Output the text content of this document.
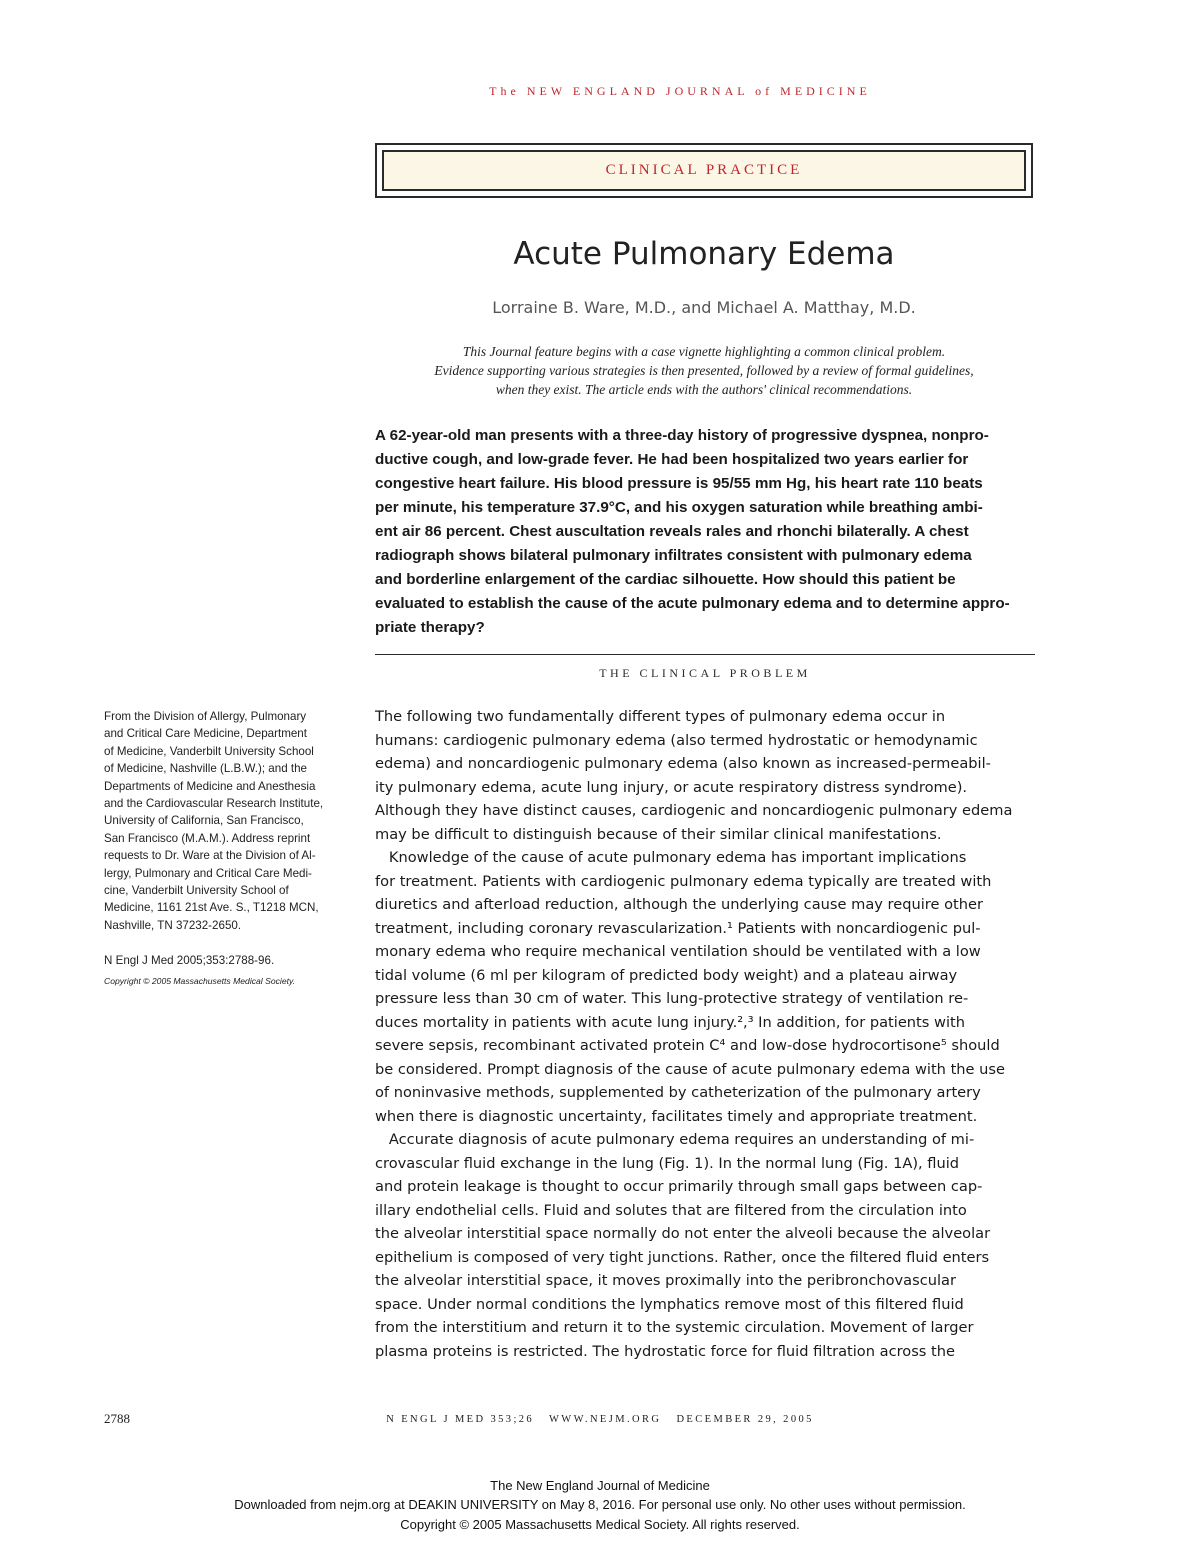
The NEW ENGLAND JOURNAL of MEDICINE
CLINICAL PRACTICE
Acute Pulmonary Edema
Lorraine B. Ware, M.D., and Michael A. Matthay, M.D.
This Journal feature begins with a case vignette highlighting a common clinical problem.
Evidence supporting various strategies is then presented, followed by a review of formal guidelines,
when they exist. The article ends with the authors' clinical recommendations.
A 62-year-old man presents with a three-day history of progressive dyspnea, nonpro-
ductive cough, and low-grade fever. He had been hospitalized two years earlier for
congestive heart failure. His blood pressure is 95/55 mm Hg, his heart rate 110 beats
per minute, his temperature 37.9°C, and his oxygen saturation while breathing ambi-
ent air 86 percent. Chest auscultation reveals rales and rhonchi bilaterally. A chest
radiograph shows bilateral pulmonary infiltrates consistent with pulmonary edema
and borderline enlargement of the cardiac silhouette. How should this patient be
evaluated to establish the cause of the acute pulmonary edema and to determine appro-
priate therapy?
THE CLINICAL PROBLEM
From the Division of Allergy, Pulmonary
and Critical Care Medicine, Department
of Medicine, Vanderbilt University School
of Medicine, Nashville (L.B.W.); and the
Departments of Medicine and Anesthesia
and the Cardiovascular Research Institute,
University of California, San Francisco,
San Francisco (M.A.M.). Address reprint
requests to Dr. Ware at the Division of Al-
lergy, Pulmonary and Critical Care Medi-
cine, Vanderbilt University School of
Medicine, 1161 21st Ave. S., T1218 MCN,
Nashville, TN 37232-2650.
N Engl J Med 2005;353:2788-96.
Copyright © 2005 Massachusetts Medical Society.
The following two fundamentally different types of pulmonary edema occur in
humans: cardiogenic pulmonary edema (also termed hydrostatic or hemodynamic
edema) and noncardiogenic pulmonary edema (also known as increased-permeabil-
ity pulmonary edema, acute lung injury, or acute respiratory distress syndrome).
Although they have distinct causes, cardiogenic and noncardiogenic pulmonary edema
may be difficult to distinguish because of their similar clinical manifestations.
Knowledge of the cause of acute pulmonary edema has important implications
for treatment. Patients with cardiogenic pulmonary edema typically are treated with
diuretics and afterload reduction, although the underlying cause may require other
treatment, including coronary revascularization.¹ Patients with noncardiogenic pul-
monary edema who require mechanical ventilation should be ventilated with a low
tidal volume (6 ml per kilogram of predicted body weight) and a plateau airway
pressure less than 30 cm of water. This lung-protective strategy of ventilation re-
duces mortality in patients with acute lung injury.²,³ In addition, for patients with
severe sepsis, recombinant activated protein C⁴ and low-dose hydrocortisone⁵ should
be considered. Prompt diagnosis of the cause of acute pulmonary edema with the use
of noninvasive methods, supplemented by catheterization of the pulmonary artery
when there is diagnostic uncertainty, facilitates timely and appropriate treatment.
Accurate diagnosis of acute pulmonary edema requires an understanding of mi-
crovascular fluid exchange in the lung (Fig. 1). In the normal lung (Fig. 1A), fluid
and protein leakage is thought to occur primarily through small gaps between cap-
illary endothelial cells. Fluid and solutes that are filtered from the circulation into
the alveolar interstitial space normally do not enter the alveoli because the alveolar
epithelium is composed of very tight junctions. Rather, once the filtered fluid enters
the alveolar interstitial space, it moves proximally into the peribronchovascular
space. Under normal conditions the lymphatics remove most of this filtered fluid
from the interstitium and return it to the systemic circulation. Movement of larger
plasma proteins is restricted. The hydrostatic force for fluid filtration across the
2788	N ENGL J MED 353;26   WWW.NEJM.ORG   DECEMBER 29, 2005
The New England Journal of Medicine
Downloaded from nejm.org at DEAKIN UNIVERSITY on May 8, 2016. For personal use only. No other uses without permission.
Copyright © 2005 Massachusetts Medical Society. All rights reserved.
